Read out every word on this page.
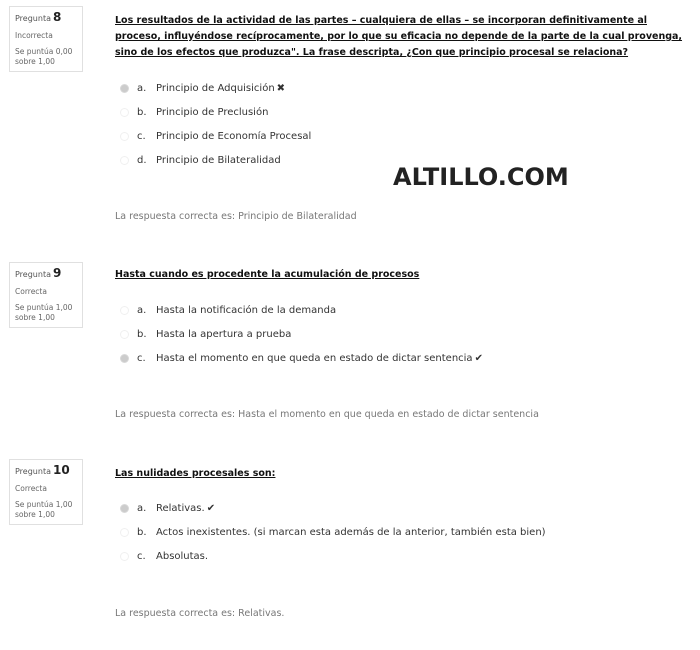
Pregunta 8
Incorrecta
Se puntúa 0,00 sobre 1,00
Los resultados de la actividad de las partes – cualquiera de ellas – se incorporan definitivamente al proceso, influyéndose recíprocamente, por lo que su eficacia no depende de la parte de la cual provenga, sino de los efectos que produzca". La frase descripta, ¿Con que principio procesal se relaciona?
a. Principio de Adquisición ✖
b. Principio de Preclusión
c. Principio de Economía Procesal
d. Principio de Bilateralidad
La respuesta correcta es: Principio de Bilateralidad
ALTILLO.COM
Pregunta 9
Correcta
Se puntúa 1,00 sobre 1,00
Hasta cuando es procedente la acumulación de procesos
a. Hasta la notificación de la demanda
b. Hasta la apertura a prueba
c. Hasta el momento en que queda en estado de dictar sentencia ✔
La respuesta correcta es: Hasta el momento en que queda en estado de dictar sentencia
Pregunta 10
Correcta
Se puntúa 1,00 sobre 1,00
Las nulidades procesales son:
a. Relativas. ✔
b. Actos inexistentes. (si marcan esta además de la anterior, también esta bien)
c. Absolutas.
La respuesta correcta es: Relativas.
